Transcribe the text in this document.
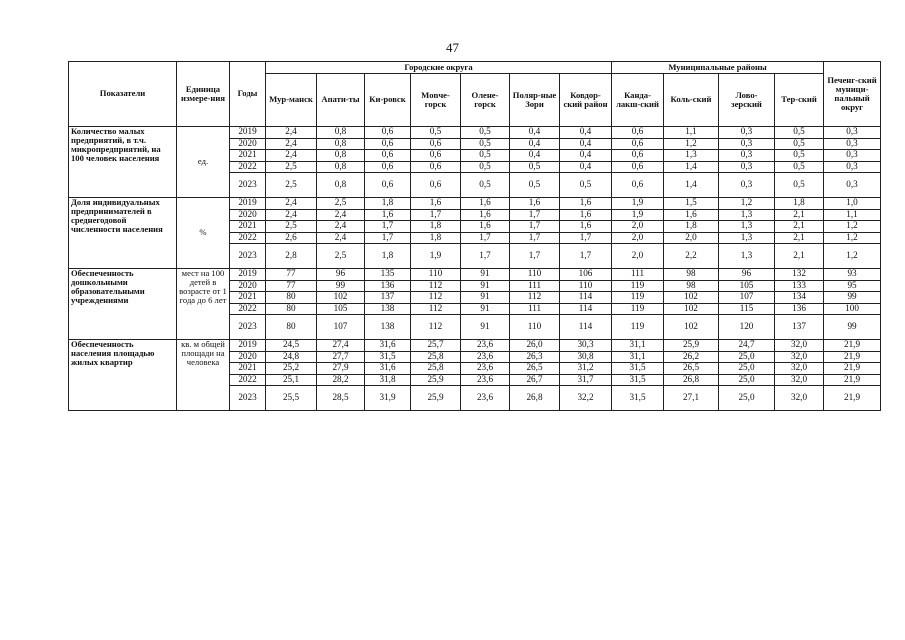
47
Показатели	Единица измере-ния	Годы	Городские округа							Муниципальные районы				Печенг-ский муници-пальный округ
			Мур-манск	Апати-ты	Ки-ровск	Monче-горск	Олене-горск	Поляр-ные Зори	Ковдор-ский район	Канда-лакш-ский	Коль-ский	Лово-зерский	Тер-ский	
Количество малых предприятий, в т.ч. микропредприятий, на 100 человек населения	ед.	2019	2,4	0,8	0,6	0,5	0,5	0,4	0,4	0,6	1,1	0,3	0,5	0,3
		2020	2,4	0,8	0,6	0,6	0,5	0,4	0,4	0,6	1,2	0,3	0,5	0,3
		2021	2,4	0,8	0,6	0,6	0,5	0,4	0,4	0,6	1,3	0,3	0,5	0,3
		2022	2,5	0,8	0,6	0,6	0,5	0,5	0,4	0,6	1,4	0,3	0,5	0,3
		2023	2,5	0,8	0,6	0,6	0,5	0,5	0,5	0,6	1,4	0,3	0,5	0,3
Доля индивидуальных предпринимателей в среднегодовой численности населения	%	2019	2,4	2,5	1,8	1,6	1,6	1,6	1,6	1,9	1,5	1,2	1,8	1,0
		2020	2,4	2,4	1,6	1,7	1,6	1,7	1,6	1,9	1,6	1,3	2,1	1,1
		2021	2,5	2,4	1,7	1,8	1,6	1,7	1,6	2,0	1,8	1,3	2,1	1,2
		2022	2,6	2,4	1,7	1,8	1,7	1,7	1,7	2,0	2,0	1,3	2,1	1,2
		2023	2,8	2,5	1,8	1,9	1,7	1,7	1,7	2,0	2,2	1,3	2,1	1,2
Обеспеченность дошкольными образовательными учреждениями	мест на 100 детей в возрасте от 1 года до 6 лет	2019	77	96	135	110	91	110	106	111	98	96	132	93
		2020	77	99	136	112	91	111	110	119	98	105	133	95
		2021	80	102	137	112	91	112	114	119	102	107	134	99
		2022	80	105	138	112	91	111	114	119	102	115	136	100
		2023	80	107	138	112	91	110	114	119	102	120	137	99
Обеспеченность населения площадью жилых квартир	кв. м общей площади на человека	2019	24,5	27,4	31,6	25,7	23,6	26,0	30,3	31,1	25,9	24,7	32,0	21,9
		2020	24,8	27,7	31,5	25,8	23,6	26,3	30,8	31,1	26,2	25,0	32,0	21,9
		2021	25,2	27,9	31,6	25,8	23,6	26,5	31,2	31,5	26,5	25,0	32,0	21,9
		2022	25,1	28,2	31,8	25,9	23,6	26,7	31,7	31,5	26,8	25,0	32,0	21,9
		2023	25,5	28,5	31,9	25,9	23,6	26,8	32,2	31,5	27,1	25,0	32,0	21,9
